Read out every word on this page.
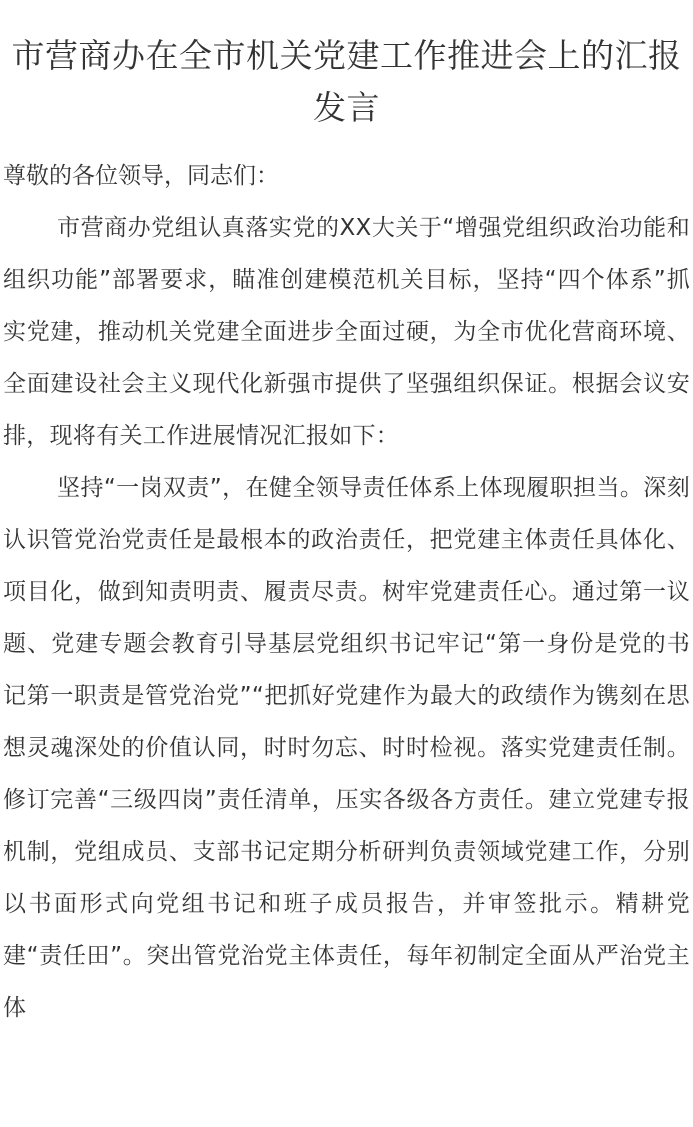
市营商办在全市机关党建工作推进会上的汇报发言

尊敬的各位领导，同志们：

市营商办党组认真落实党的XX大关于“增强党组织政治功能和组织功能”部署要求，瞄准创建模范机关目标，坚持“四个体系”抓实党建，推动机关党建全面进步全面过硬，为全市优化营商环境、全面建设社会主义现代化新强市提供了坚强组织保证。根据会议安排，现将有关工作进展情况汇报如下：

坚持“一岗双责”，在健全领导责任体系上体现履职担当。深刻认识管党治党责任是最根本的政治责任，把党建主体责任具体化、项目化，做到知责明责、履责尽责。树牢党建责任心。通过第一议题、党建专题会教育引导基层党组织书记牢记“第一身份是党的书记第一职责是管党治党”“把抓好党建作为最大的政绩作为镌刻在思想灵魂深处的价值认同，时时勿忘、时时检视。落实党建责任制。修订完善“三级四岗”责任清单，压实各级各方责任。建立党建专报机制，党组成员、支部书记定期分析研判负责领域党建工作，分别以书面形式向党组书记和班子成员报告，并审签批示。精耕党建“责任田”。突出管党治党主体责任，每年初制定全面从严治党主体
